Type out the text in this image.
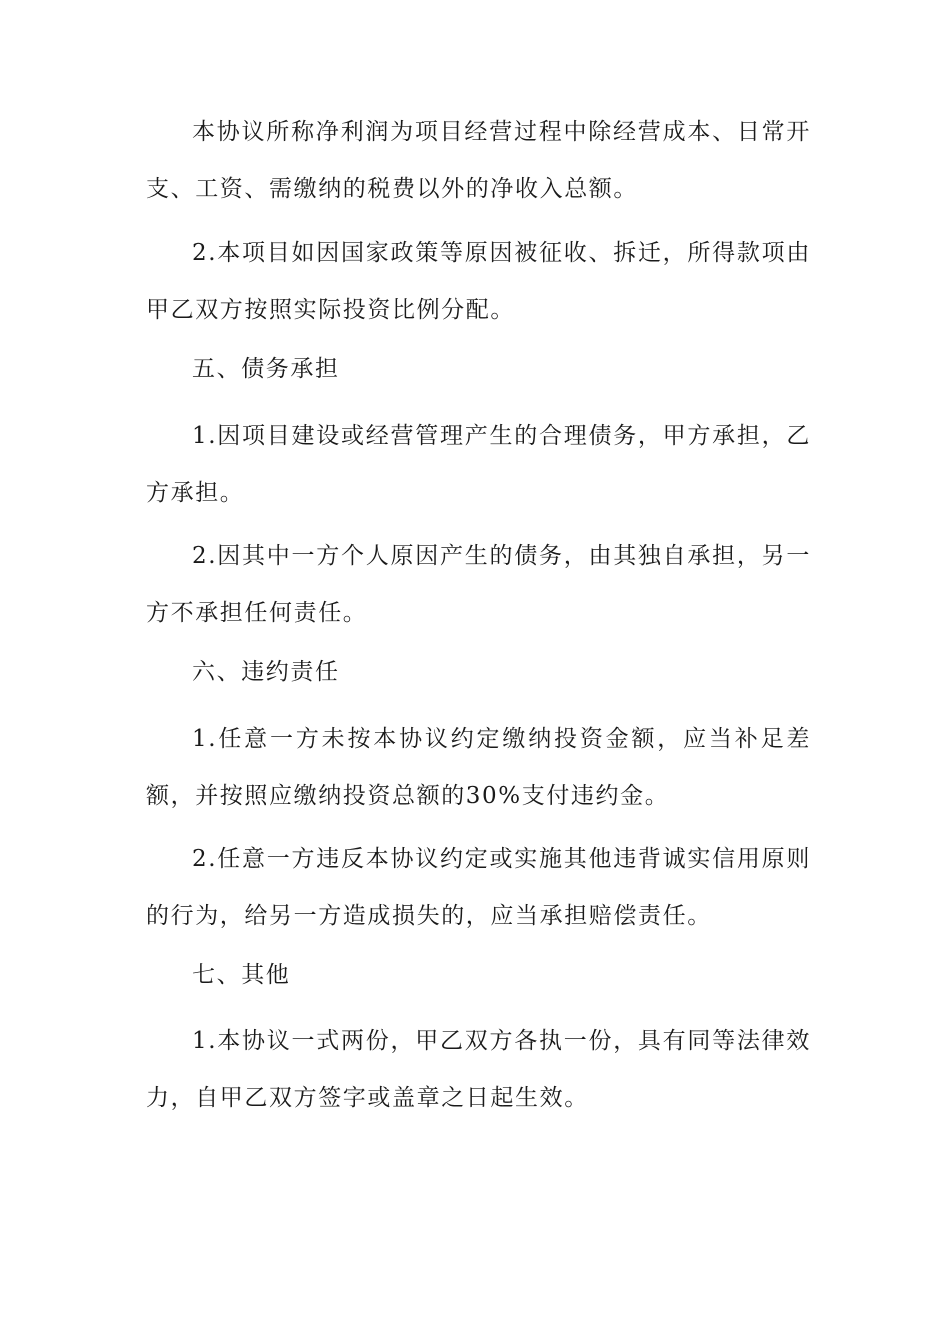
本协议所称净利润为项目经营过程中除经营成本、日常开支、工资、需缴纳的税费以外的净收入总额。

2.本项目如因国家政策等原因被征收、拆迁，所得款项由甲乙双方按照实际投资比例分配。

五、债务承担

1.因项目建设或经营管理产生的合理债务，甲方承担，乙方承担。

2.因其中一方个人原因产生的债务，由其独自承担，另一方不承担任何责任。

六、违约责任

1.任意一方未按本协议约定缴纳投资金额，应当补足差额，并按照应缴纳投资总额的30%支付违约金。

2.任意一方违反本协议约定或实施其他违背诚实信用原则的行为，给另一方造成损失的，应当承担赔偿责任。

七、其他

1.本协议一式两份，甲乙双方各执一份，具有同等法律效力，自甲乙双方签字或盖章之日起生效。
